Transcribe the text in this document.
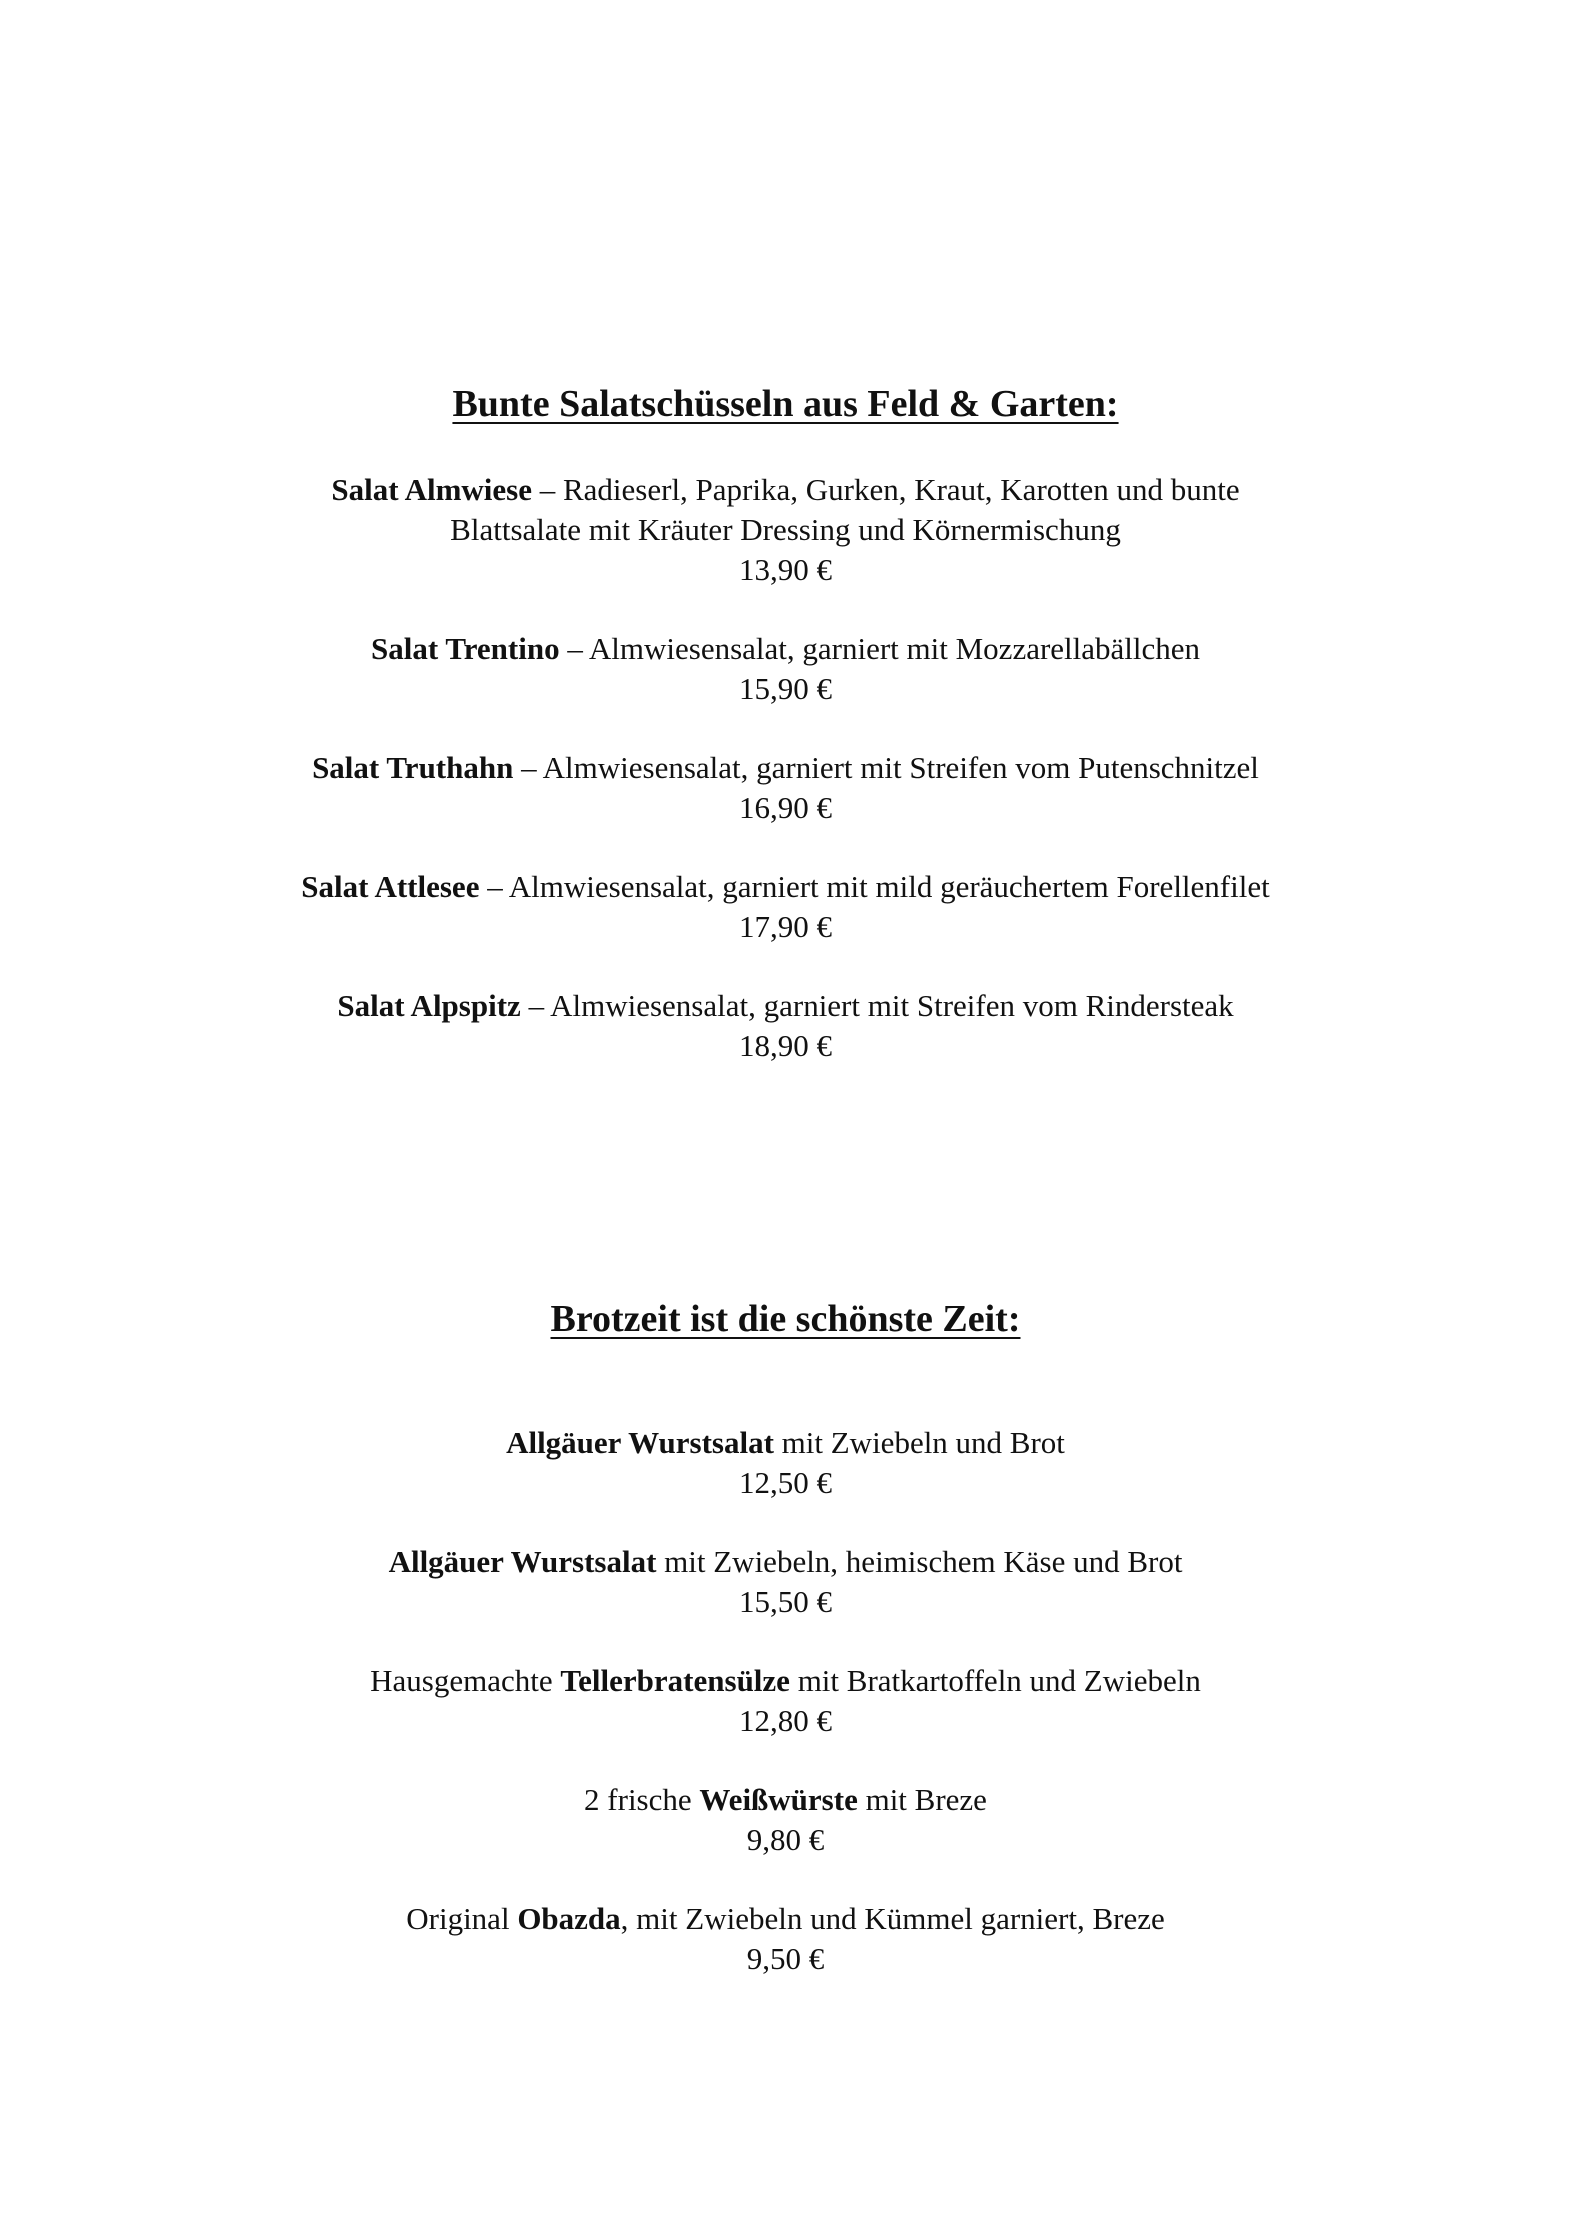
Bunte Salatschüsseln aus Feld & Garten:
Salat Almwiese – Radieserl, Paprika, Gurken, Kraut, Karotten und bunte
Blattsalate mit Kräuter Dressing und Körnermischung
13,90 €
Salat Trentino – Almwiesensalat, garniert mit Mozzarellabällchen
15,90 €
Salat Truthahn – Almwiesensalat, garniert mit Streifen vom Putenschnitzel
16,90 €
Salat Attlesee – Almwiesensalat, garniert mit mild geräuchertem Forellenfilet
17,90 €
Salat Alpspitz – Almwiesensalat, garniert mit Streifen vom Rindersteak
18,90 €
Brotzeit ist die schönste Zeit:
Allgäuer Wurstsalat mit Zwiebeln und Brot
12,50 €
Allgäuer Wurstsalat mit Zwiebeln, heimischem Käse und Brot
15,50 €
Hausgemachte Tellerbratensülze mit Bratkartoffeln und Zwiebeln
12,80 €
2 frische Weißwürste mit Breze
9,80 €
Original Obazda, mit Zwiebeln und Kümmel garniert, Breze
9,50 €
